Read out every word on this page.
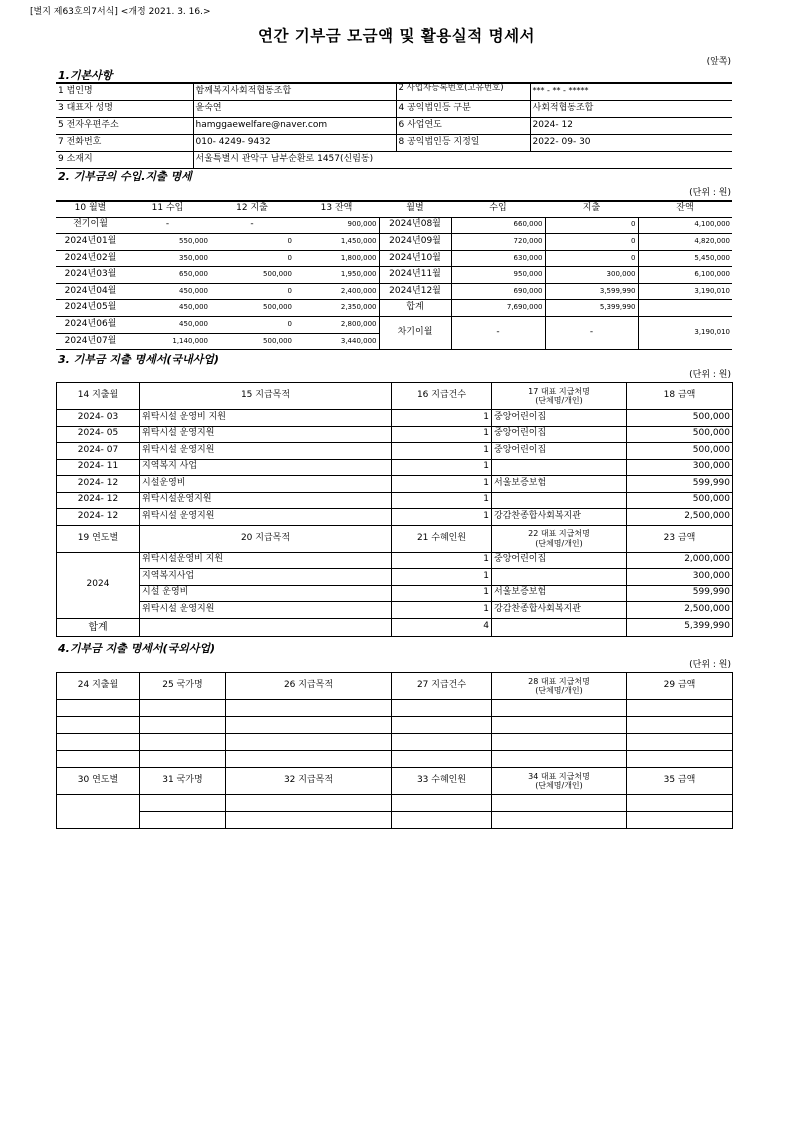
[별지 제63호의7서식] <개정 2021. 3. 16.>
연간 기부금 모금액 및 활용실적 명세서
(앞쪽)
1.기본사항
1 법인명	함께복지사회적협동조합	2 사업자등록번호(고유번호)	*** - ** - *****
3 대표자 성명	윤숙연	4 공익법인등 구분	사회적협동조합
5 전자우편주소	hamggaewelfare@naver.com	6 사업연도	2024- 12
7 전화번호	010- 4249- 9432	8 공익법인등 지정일	2022- 09- 30
9 소재지	서울특별시 관악구 남부순환로 1457(신림동)		
2. 기부금의 수입.지출 명세
(단위 : 원)
10 월별	11 수입	12 지출	13 잔액	월별	수입	지출	잔액
전기이월	-	-	900,000	2024년08월	660,000	0	4,100,000
2024년01월	550,000	0	1,450,000	2024년09월	720,000	0	4,820,000
2024년02월	350,000	0	1,800,000	2024년10월	630,000	0	5,450,000
2024년03월	650,000	500,000	1,950,000	2024년11월	950,000	300,000	6,100,000
2024년04월	450,000	0	2,400,000	2024년12월	690,000	3,599,990	3,190,010
2024년05월	450,000	500,000	2,350,000	합계	7,690,000	5,399,990	
2024년06월	450,000	0	2,800,000	차기이월	-	-	3,190,010
2024년07월	1,140,000	500,000	3,440,000				
3. 기부금 지출 명세서(국내사업)
(단위 : 원)
14 지출월	15 지급목적	16 지급건수	17 대표 지급처명
(단체명/개인)	18 금액
2024- 03	위탁시설 운영비 지원	1	중앙어린이집	500,000
2024- 05	위탁시설 운영지원	1	중앙어린이집	500,000
2024- 07	위탁시설 운영지원	1	중앙어린이집	500,000
2024- 11	지역복지 사업	1		300,000
2024- 12	시설운영비	1	서울보증보험	599,990
2024- 12	위탁시설운영지원	1		500,000
2024- 12	위탁시설 운영지원	1	강감찬종합사회복지관	2,500,000
19 연도별	20 지급목적	21 수혜인원	22 대표 지급처명
(단체명/개인)	23 금액
2024	위탁시설운영비 지원	1	중앙어린이집	2,000,000
	지역복지사업	1		300,000
	시설 운영비	1	서울보증보험	599,990
	위탁시설 운영지원	1	강감찬종합사회복지관	2,500,000
합계		4		5,399,990
4.기부금 지출 명세서(국외사업)
(단위 : 원)
24 지출월	25 국가명	26 지급목적	27 지급건수	28 대표 지급처명
(단체명/개인)	29 금액

30 연도별	31 국가명	32 지급목적	33 수혜인원	34 대표 지급처명
(단체명/개인)	35 금액
